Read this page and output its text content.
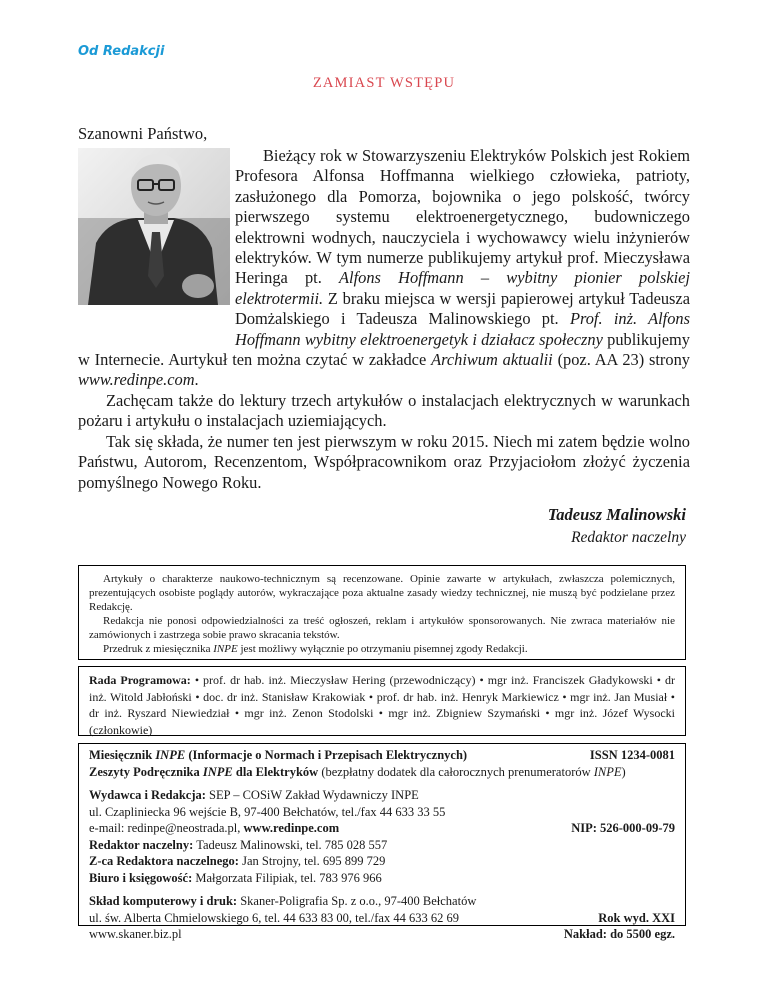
Od Redakcji
ZAMIAST WSTĘPU
Szanowni Państwo,

Bieżący rok w Stowarzyszeniu Elektryków Polskich jest Rokiem Profesora Alfonsa Hoffmanna wielkiego człowieka, patrioty, zasłużonego dla Pomorza, bojownika o jego polskość, twórcy pierwszego systemu elektroenergetycznego, budowniczego elektrowni wodnych, nauczyciela i wychowawcy wielu inżynierów elektryków. W tym numerze publikujemy artykuł prof. Mieczysława Heringa pt. Alfons Hoffmann – wybitny pionier polskiej elektrotermii. Z braku miejsca w wersji papierowej artykuł Tadeusza Domżalskiego i Tadeusza Malinowskiego pt. Prof. inż. Alfons Hoffmann wybitny elektroenergetyk i działacz społeczny publikujemy w Internecie. Aurtykuł ten można czytać w zakładce Archiwum aktualii (poz. AA 23) strony www.redinpe.com.

Zachęcam także do lektury trzech artykułów o instalacjach elektrycznych w warunkach pożaru i artykułu o instalacjach uziemiających.

Tak się składa, że numer ten jest pierwszym w roku 2015. Niech mi zatem będzie wolno Państwu, Autorom, Recenzentom, Współpracownikom oraz Przyjaciołom złożyć życzenia pomyślnego Nowego Roku.

Tadeusz Malinowski
Redaktor naczelny

Artykuły o charakterze naukowo-technicznym są recenzowane. Opinie zawarte w artykułach, zwłaszcza polemicznych, prezentujących osobiste poglądy autorów, wykraczające poza aktualne zasady wiedzy technicznej, nie muszą być podzielane przez Redakcję.

Redakcja nie ponosi odpowiedzialności za treść ogłoszeń, reklam i artykułów sponsorowanych. Nie zwraca materiałów nie zamówionych i zastrzega sobie prawo skracania tekstów.

Przedruk z miesięcznika INPE jest możliwy wyłącznie po otrzymaniu pisemnej zgody Redakcji.

Rada Programowa: • prof. dr hab. inż. Mieczysław Hering (przewodniczący) • mgr inż. Franciszek Gładykowski • dr inż. Witold Jabłoński • doc. dr inż. Stanisław Krakowiak • prof. dr hab. inż. Henryk Markiewicz • mgr inż. Jan Musiał • dr inż. Ryszard Niewiedział • mgr inż. Zenon Stodolski • mgr inż. Zbigniew Szymański • mgr inż. Józef Wysocki (członkowie)
Miesięcznik INPE (Informacje o Normach i Przepisach Elektrycznych)	ISSN 1234-0081
Zeszyty Podręcznika INPE dla Elektryków (bezpłatny dodatek dla całorocznych prenumeratorów INPE)
Wydawca i Redakcja: SEP – COSiW Zakład Wydawniczy INPE
ul. Czapliniecka 96 wejście B, 97-400 Bełchatów, tel./fax 44 633 33 55
e-mail: redinpe@neostrada.pl, www.redinpe.com	NIP: 526-000-09-79
Redaktor naczelny: Tadeusz Malinowski, tel. 785 028 557
Z-ca Redaktora naczelnego: Jan Strojny, tel. 695 899 729
Biuro i księgowość: Małgorzata Filipiak, tel. 783 976 966
Skład komputerowy i druk: Skaner-Poligrafia Sp. z o.o., 97-400 Bełchatów
ul. św. Alberta Chmielowskiego 6, tel. 44 633 83 00, tel./fax 44 633 62 69	Rok wyd. XXI
www.skaner.biz.pl	Nakład: do 5500 egz.
